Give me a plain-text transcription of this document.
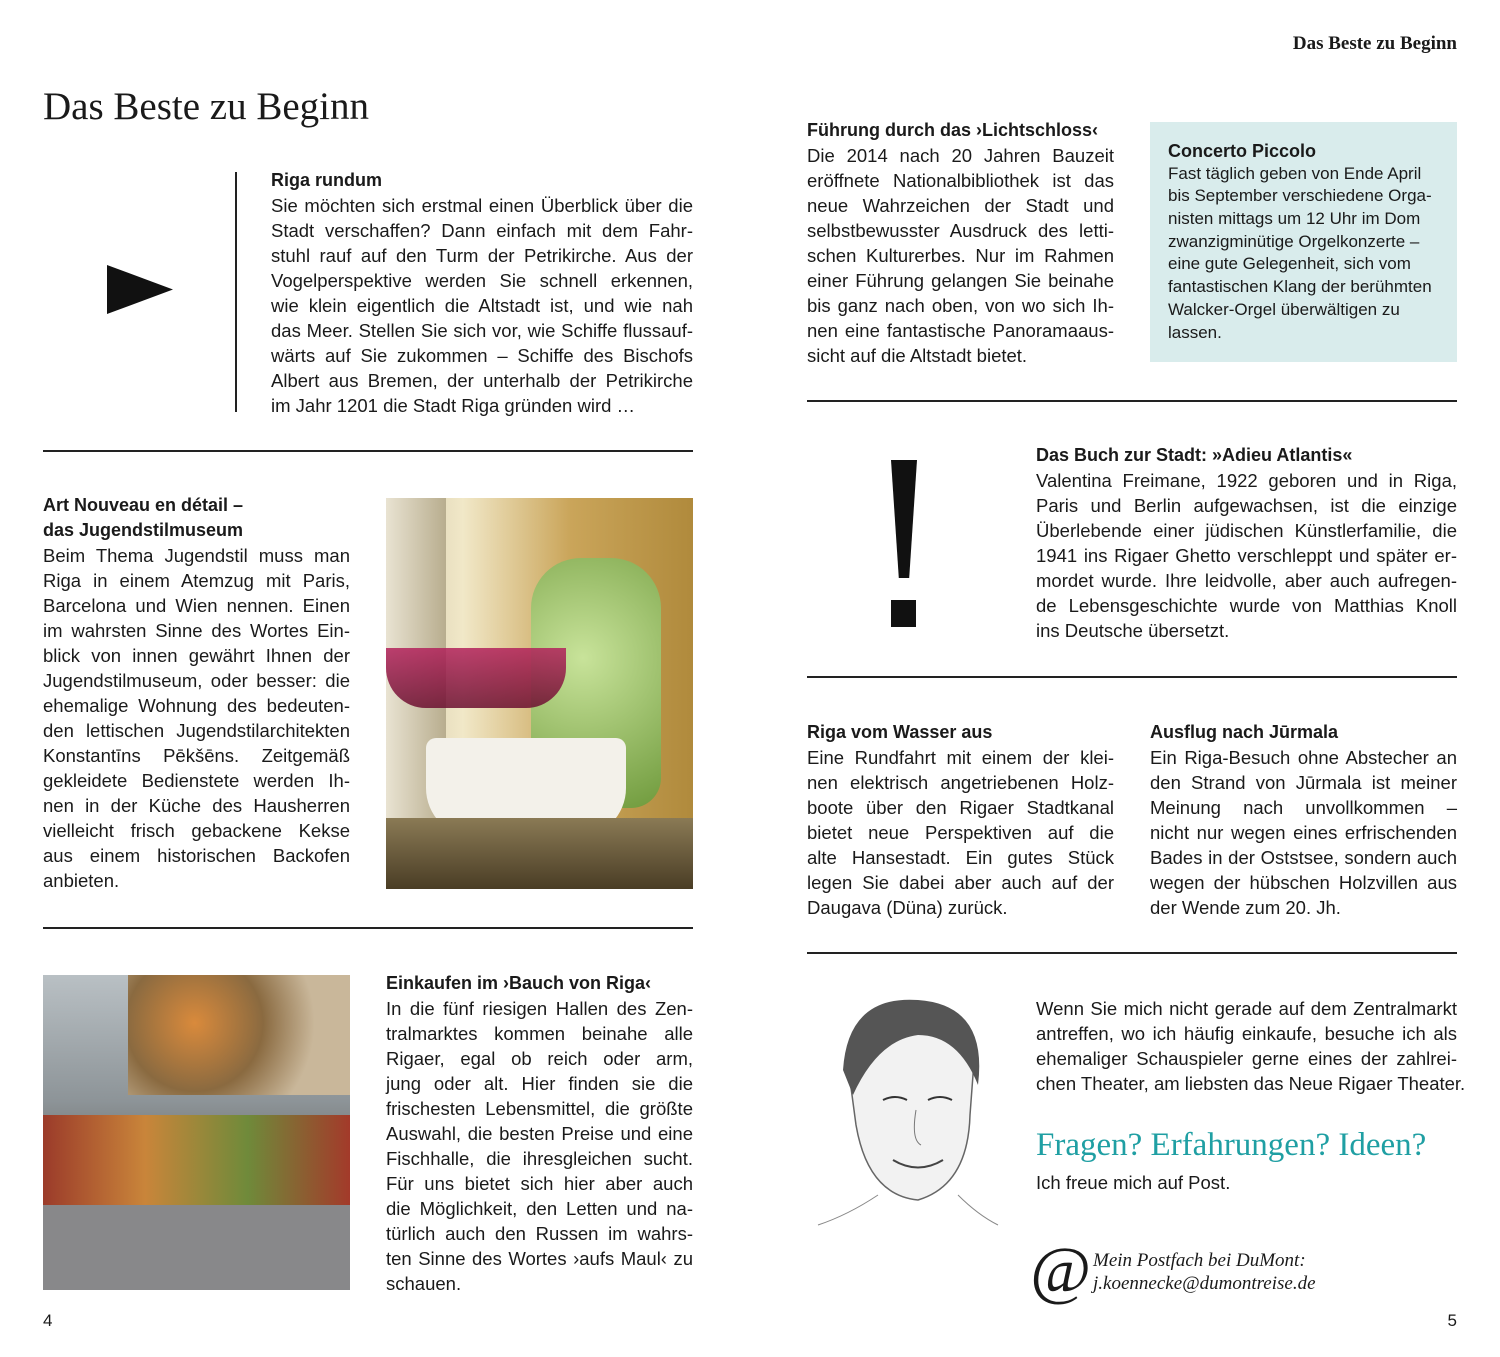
Das Beste zu Beginn
Das Beste zu Beginn
Riga rundum
Sie möchten sich erstmal einen Überblick über die
Stadt verschaffen? Dann einfach mit dem Fahr-
stuhl rauf auf den Turm der Petrikirche. Aus der
Vogelperspektive werden Sie schnell erkennen,
wie klein eigentlich die Altstadt ist, und wie nah
das Meer. Stellen Sie sich vor, wie Schiffe flussauf-
wärts auf Sie zukommen – Schiffe des Bischofs
Albert aus Bremen, der unterhalb der Petrikirche
im Jahr 1201 die Stadt Riga gründen wird …
Art Nouveau en détail –
das Jugendstilmuseum
Beim Thema Jugendstil muss man
Riga in einem Atemzug mit Paris,
Barcelona und Wien nennen. Einen
im wahrsten Sinne des Wortes Ein-
blick von innen gewährt Ihnen der
Jugendstilmuseum, oder besser: die
ehemalige Wohnung des bedeuten-
den lettischen Jugendstilarchitekten
Konstantīns Pēkšēns. Zeitgemäß
gekleidete Bedienstete werden Ih-
nen in der Küche des Hausherren
vielleicht frisch gebackene Kekse
aus einem historischen Backofen
anbieten.
Einkaufen im ›Bauch von Riga‹
In die fünf riesigen Hallen des Zen-
tralmarktes kommen beinahe alle
Rigaer, egal ob reich oder arm,
jung oder alt. Hier finden sie die
frischesten Lebensmittel, die größte
Auswahl, die besten Preise und eine
Fischhalle, die ihresgleichen sucht.
Für uns bietet sich hier aber auch
die Möglichkeit, den Letten und na-
türlich auch den Russen im wahrs-
ten Sinne des Wortes ›aufs Maul‹ zu
schauen.
4
Führung durch das ›Lichtschloss‹
Die 2014 nach 20 Jahren Bauzeit
eröffnete Nationalbibliothek ist das
neue Wahrzeichen der Stadt und
selbstbewusster Ausdruck des letti-
schen Kulturerbes. Nur im Rahmen
einer Führung gelangen Sie beinahe
bis ganz nach oben, von wo sich Ih-
nen eine fantastische Panoramaaus-
sicht auf die Altstadt bietet.
Concerto Piccolo
Fast täglich geben von Ende April
bis September verschiedene Orga-
nisten mittags um 12 Uhr im Dom
zwanzigminütige Orgelkonzerte –
eine gute Gelegenheit, sich vom
fantastischen Klang der berühmten
Walcker-Orgel überwältigen zu
lassen.
Das Buch zur Stadt: »Adieu Atlantis«
Valentina Freimane, 1922 geboren und in Riga,
Paris und Berlin aufgewachsen, ist die einzige
Überlebende einer jüdischen Künstlerfamilie, die
1941 ins Rigaer Ghetto verschleppt und später er-
mordet wurde. Ihre leidvolle, aber auch aufregen-
de Lebensgeschichte wurde von Matthias Knoll
ins Deutsche übersetzt.
Riga vom Wasser aus
Eine Rundfahrt mit einem der klei-
nen elektrisch angetriebenen Holz-
boote über den Rigaer Stadtkanal
bietet neue Perspektiven auf die
alte Hansestadt. Ein gutes Stück
legen Sie dabei aber auch auf der
Daugava (Düna) zurück.
Ausflug nach Jūrmala
Ein Riga-Besuch ohne Abstecher an
den Strand von Jūrmala ist meiner
Meinung nach unvollkommen –
nicht nur wegen eines erfrischenden
Bades in der Oststsee, sondern auch
wegen der hübschen Holzvillen aus
der Wende zum 20. Jh.
Wenn Sie mich nicht gerade auf dem Zentralmarkt
antreffen, wo ich häufig einkaufe, besuche ich als
ehemaliger Schauspieler gerne eines der zahlrei-
chen Theater, am liebsten das Neue Rigaer Theater.
Fragen? Erfahrungen? Ideen?
Ich freue mich auf Post.
@ Mein Postfach bei DuMont:
j.koennecke@dumontreise.de
5
